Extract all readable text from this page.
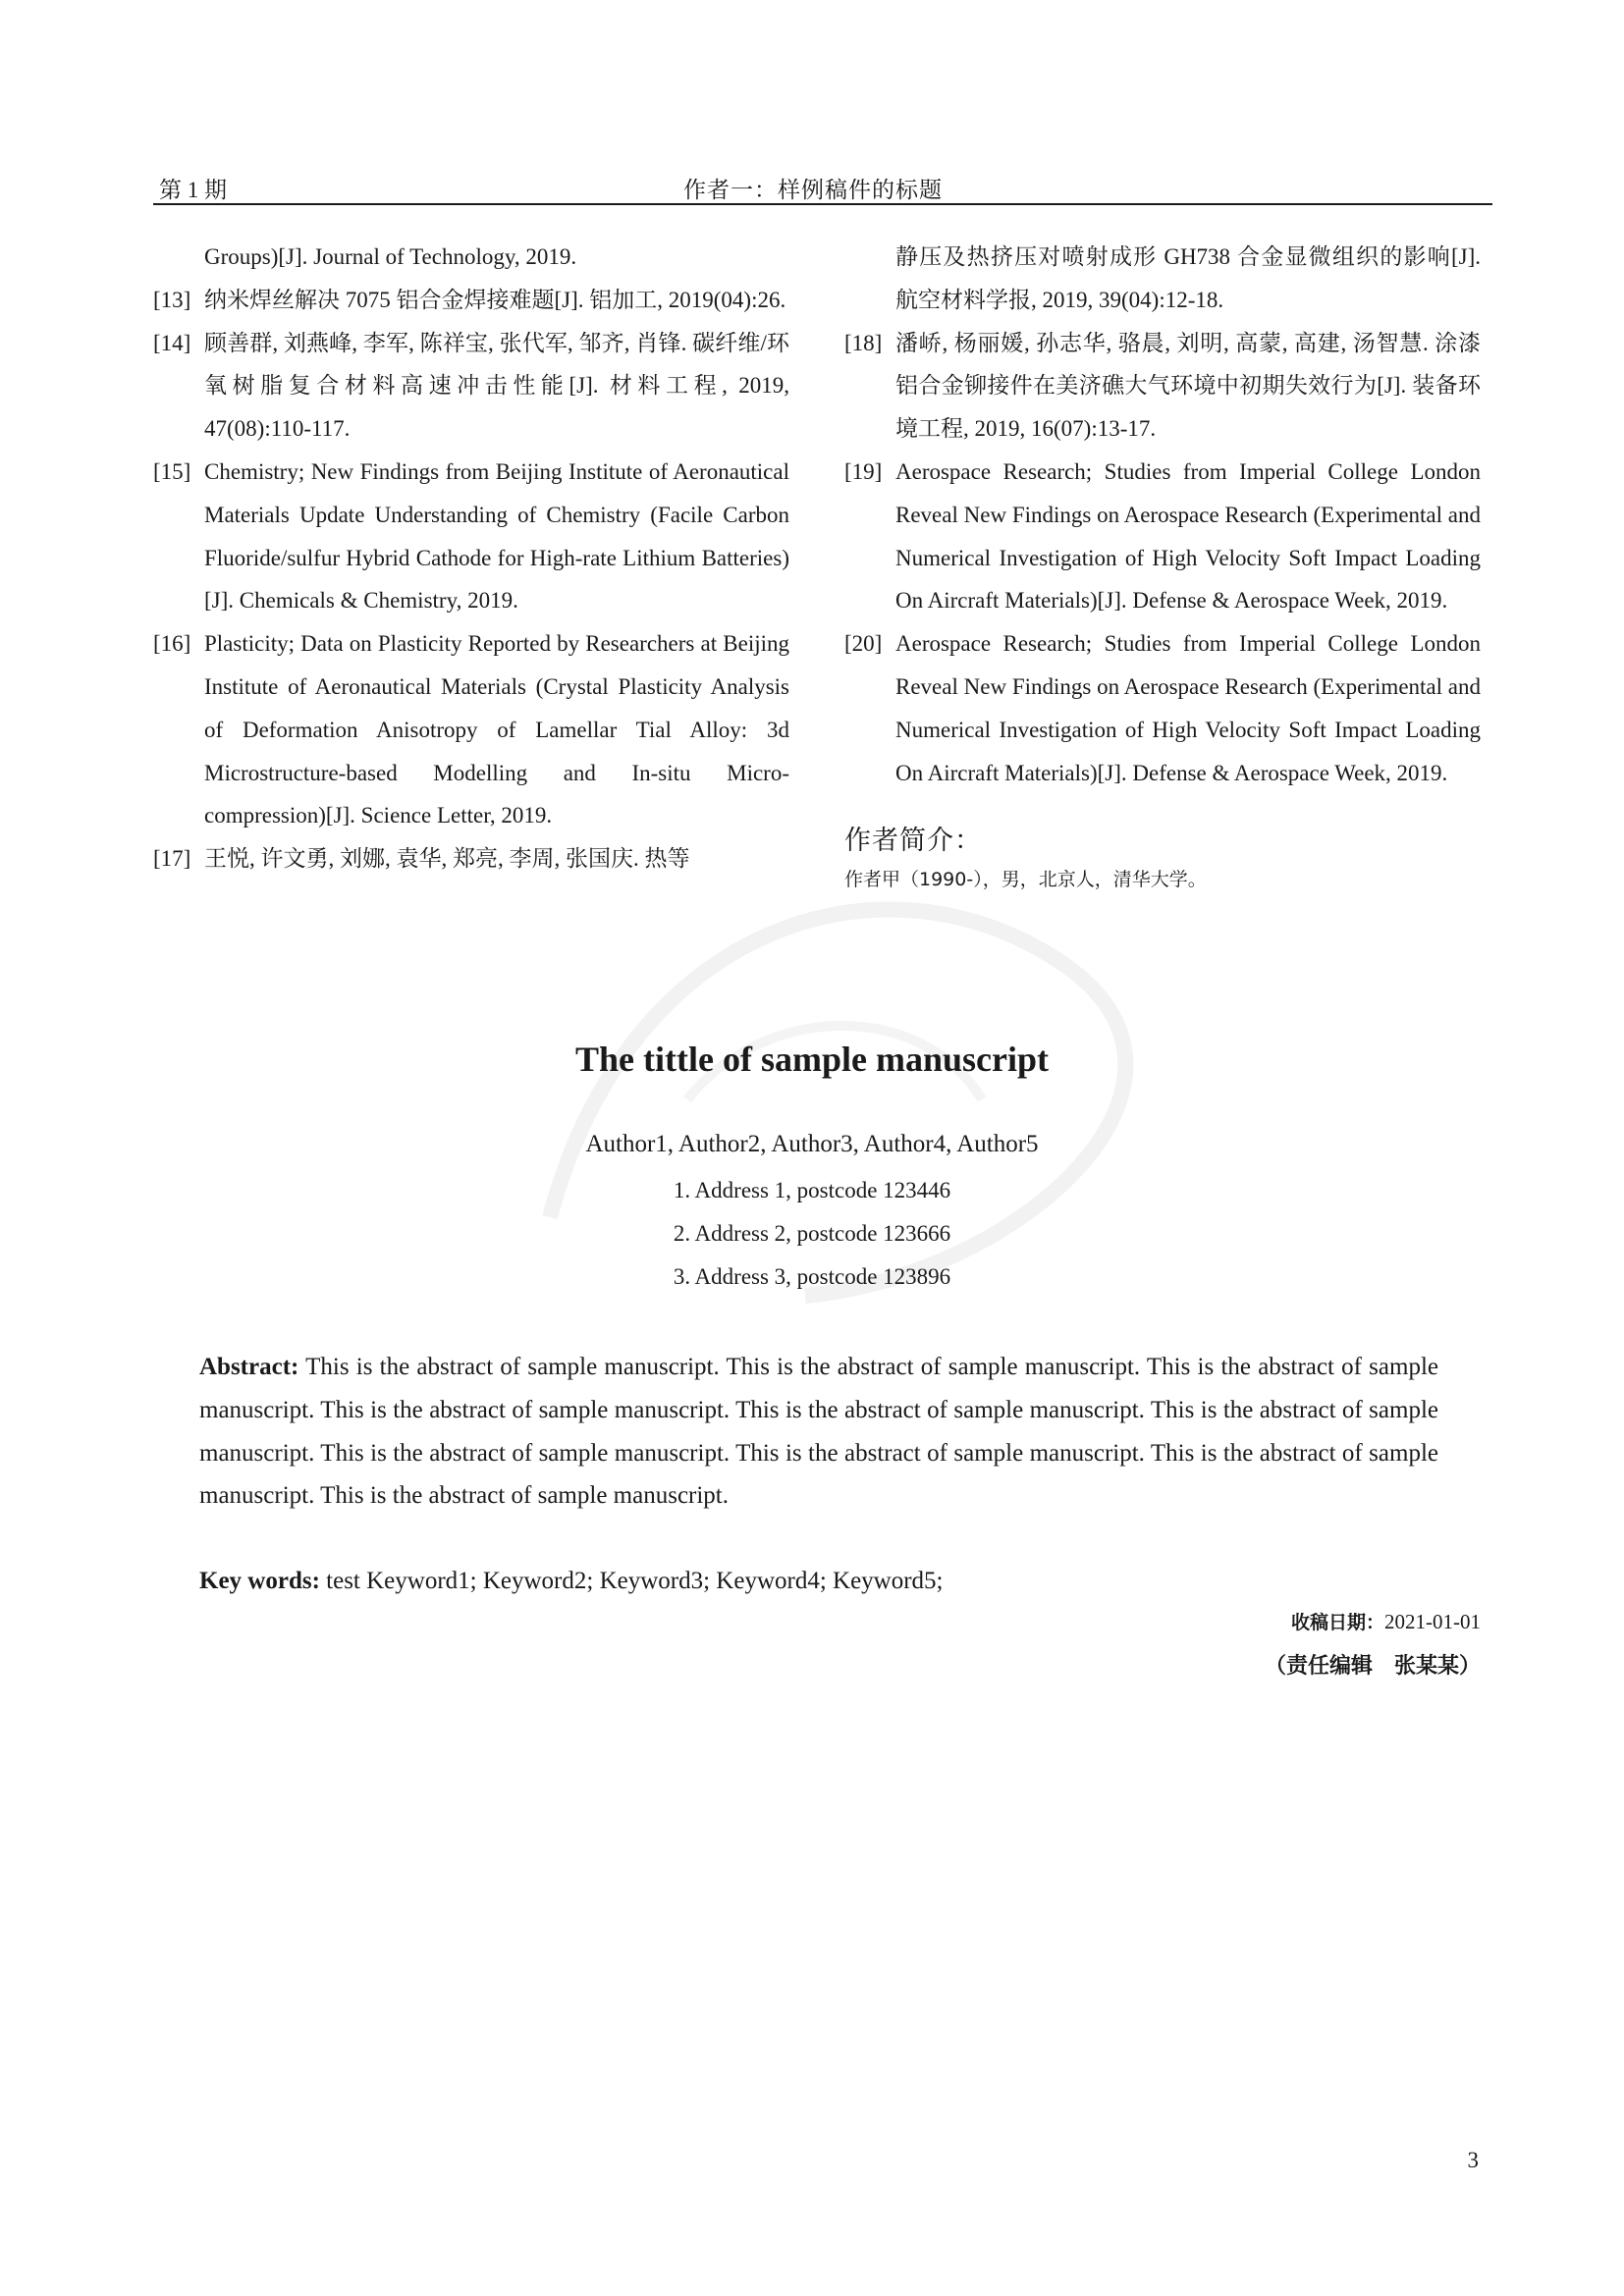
第 1 期	作者一：样例稿件的标题
Groups)[J]. Journal of Technology, 2019.
[13] 纳米焊丝解决 7075 铝合金焊接难题[J]. 铝加工, 2019(04):26.
[14] 顾善群, 刘燕峰, 李军, 陈祥宝, 张代军, 邹齐, 肖锋. 碳纤维/环氧树脂复合材料高速冲击性能[J]. 材料工程, 2019, 47(08):110-117.
[15] Chemistry; New Findings from Beijing Institute of Aeronautical Materials Update Understanding of Chemistry (Facile Carbon Fluoride/sulfur Hybrid Cathode for High-rate Lithium Batteries)[J]. Chemicals & Chemistry, 2019.
[16] Plasticity; Data on Plasticity Reported by Researchers at Beijing Institute of Aeronautical Materials (Crystal Plasticity Analysis of Deformation Anisotropy of Lamellar Tial Alloy: 3d Microstructure-based Modelling and In-situ Micro-compression)[J]. Science Letter, 2019.
[17] 王悦, 许文勇, 刘娜, 袁华, 郑亮, 李周, 张国庆. 热等
静压及热挤压对喷射成形 GH738 合金显微组织的影响[J]. 航空材料学报, 2019, 39(04):12-18.
[18] 潘峤, 杨丽媛, 孙志华, 骆晨, 刘明, 高蒙, 高建, 汤智慧. 涂漆铝合金铆接件在美济礁大气环境中初期失效行为[J]. 装备环境工程, 2019, 16(07):13-17.
[19] Aerospace Research; Studies from Imperial College London Reveal New Findings on Aerospace Research (Experimental and Numerical Investigation of High Velocity Soft Impact Loading On Aircraft Materials)[J]. Defense & Aerospace Week, 2019.
[20] Aerospace Research; Studies from Imperial College London Reveal New Findings on Aerospace Research (Experimental and Numerical Investigation of High Velocity Soft Impact Loading On Aircraft Materials)[J]. Defense & Aerospace Week, 2019.
作者简介：
作者甲（1990-），男，北京人，清华大学。
The tittle of sample manuscript
Author1, Author2, Author3, Author4, Author5
1. Address 1, postcode 123446
2. Address 2, postcode 123666
3. Address 3, postcode 123896
Abstract: This is the abstract of sample manuscript. This is the abstract of sample manuscript. This is the abstract of sample manuscript. This is the abstract of sample manuscript. This is the abstract of sample manuscript. This is the abstract of sample manuscript. This is the abstract of sample manuscript. This is the abstract of sample manuscript. This is the abstract of sample manuscript. This is the abstract of sample manuscript.
Key words: test Keyword1; Keyword2; Keyword3; Keyword4; Keyword5;
收稿日期：2021-01-01
（责任编辑　张某某）
3
